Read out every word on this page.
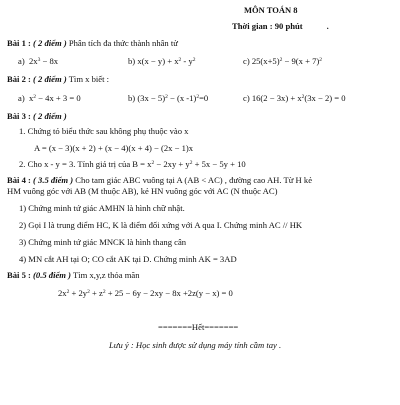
MÔN TOÁN 8
Thời gian : 90 phút	.
Bài 1 : ( 2 điểm ) Phân tích đa thức thành nhân tử
a)  $2x^3 - 8x$	b) $x(x - y) + x^2 - y^2$	c) $25(x+5)^2 - 9(x + 7)^2$
Bài 2 : ( 2 điểm ) Tìm x biết :
a)  $x^2 - 4x + 3 = 0$	b) $(3x - 5)^2 - (x$ -1)$^2$=0	c) $16(2 - 3x) + x^2(3x - 2) = 0$
Bài 3 : ( 2 điểm )
1. Chứng tỏ biểu thức sau không phụ thuộc vào x
A = (x − 3)(x + 2) + (x − 4)(x + 4) − (2x − 1)x
2. Cho x - y = 3. Tính giá trị của $B = x^2 - 2xy + y^2 + 5x - 5y + 10$
Bài 4 : ( 3.5 điểm ) Cho tam giác ABC vuông tại A (AB < AC) , đường cao AH. Từ H kẻ
HM vuông góc với AB (M thuộc AB), kẻ HN vuông góc với AC (N thuộc AC)
1) Chứng minh tứ giác AMHN là hình chữ nhật.
2) Gọi I là trung điểm HC, K là điểm đối xứng với A qua I. Chứng minh AC // HK
3) Chứng minh tứ giác MNCK là hình thang cân
4) MN cắt AH tại O; CO cắt AK tại D. Chứng minh AK = 3AD
Bài 5 : (0.5 điểm ) Tìm x,y,z thỏa mãn
$2x^2 + 2y^2 + z^2 + 25 - 6y - 2xy - 8x +2z(y - x) = 0$
=======Hết=======
Lưu ý : Học sinh được sử dụng máy tính cầm tay .
